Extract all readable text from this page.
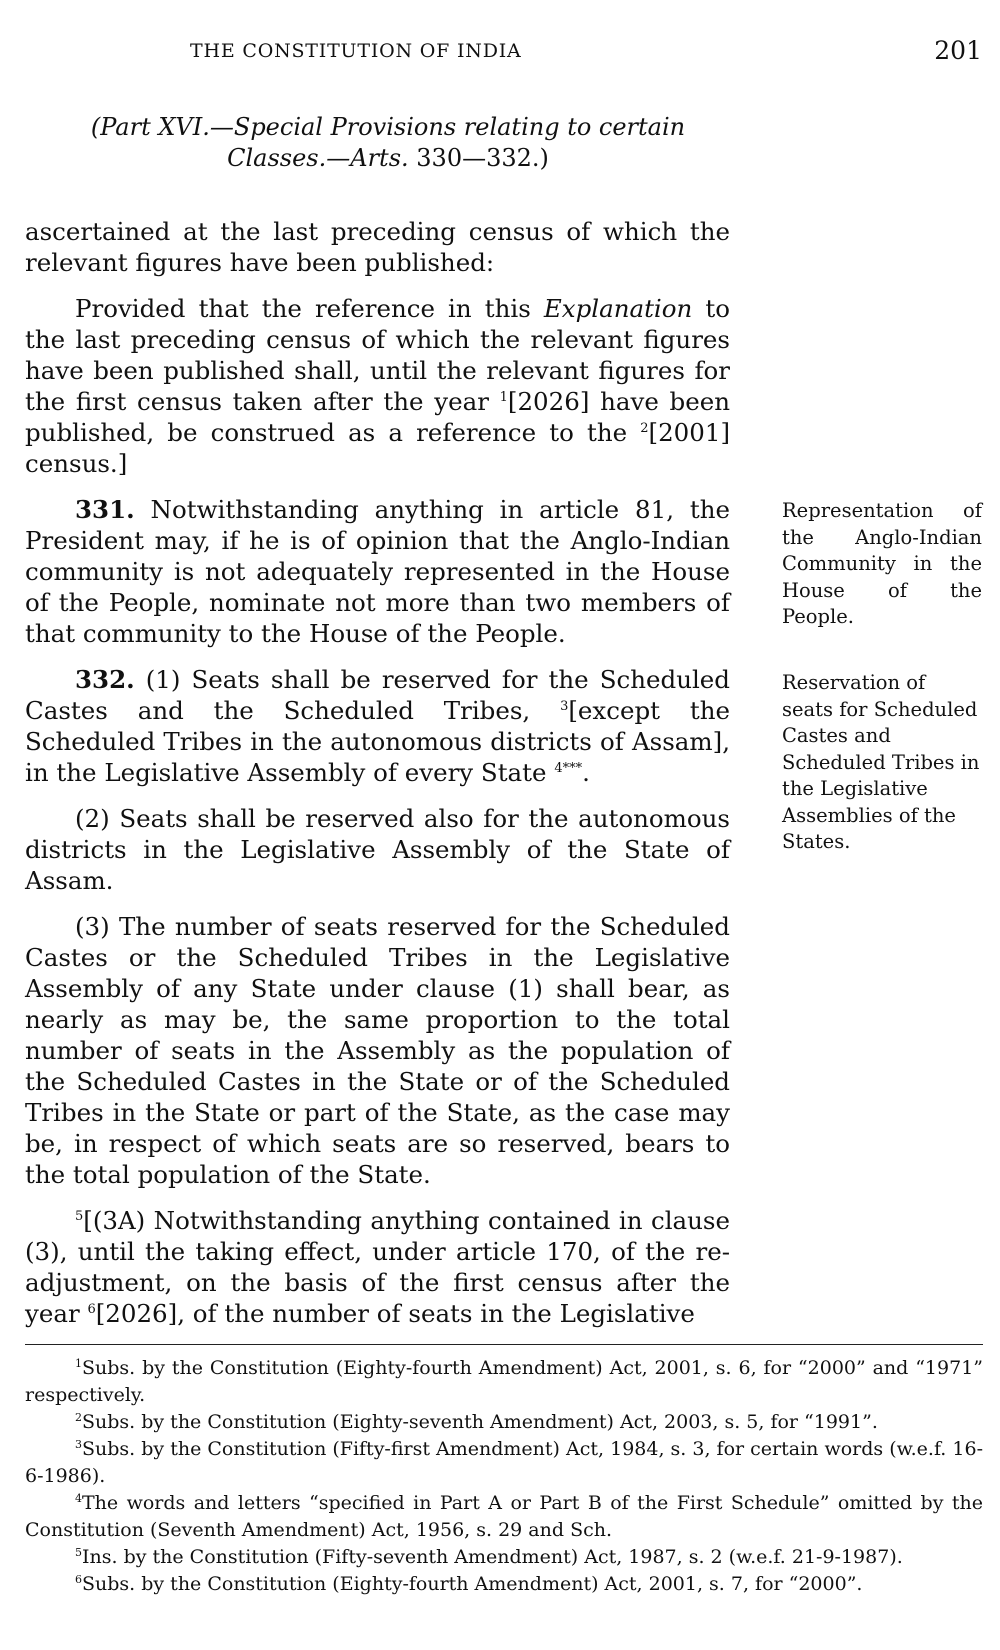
THE CONSTITUTION OF INDIA	201
(Part XVI.—Special Provisions relating to certain
Classes.—Arts. 330—332.)

ascertained at the last preceding census of which the relevant figures have been published:

Provided that the reference in this Explanation to the last preceding census of which the relevant figures have been published shall, until the relevant figures for the first census taken after the year $^1$[2026] have been published, be construed as a reference to the $^2$[2001] census.]

331. Notwithstanding anything in article 81, the President may, if he is of opinion that the Anglo-Indian community is not adequately represented in the House of the People, nominate not more than two members of that community to the House of the People.

332. (1) Seats shall be reserved for the Scheduled Castes and the Scheduled Tribes, $^3$[except the Scheduled Tribes in the autonomous districts of Assam], in the Legislative Assembly of every State $^{4***}$.

(2) Seats shall be reserved also for the autonomous districts in the Legislative Assembly of the State of Assam.

(3) The number of seats reserved for the Scheduled Castes or the Scheduled Tribes in the Legislative Assembly of any State under clause (1) shall bear, as nearly as may be, the same proportion to the total number of seats in the Assembly as the population of the Scheduled Castes in the State or of the Scheduled Tribes in the State or part of the State, as the case may be, in respect of which seats are so reserved, bears to the total population of the State.

$^5$[(3A) Notwithstanding anything contained in clause (3), until the taking effect, under article 170, of the re-adjustment, on the basis of the first census after the year $^6$[2026], of the number of seats in the Legislative

Representation of the Anglo-Indian Community in the House of the People.
Reservation of seats for Scheduled Castes and Scheduled Tribes in the Legislative Assemblies of the States.

$^1$Subs. by the Constitution (Eighty-fourth Amendment) Act, 2001, s. 6, for “2000” and “1971” respectively.

$^2$Subs. by the Constitution (Eighty-seventh Amendment) Act, 2003, s. 5, for “1991”.

$^3$Subs. by the Constitution (Fifty-first Amendment) Act, 1984, s. 3, for certain words (w.e.f. 16-6-1986).

$^4$The words and letters “specified in Part A or Part B of the First Schedule” omitted by the Constitution (Seventh Amendment) Act, 1956, s. 29 and Sch.

$^5$Ins. by the Constitution (Fifty-seventh Amendment) Act, 1987, s. 2 (w.e.f. 21-9-1987).

$^6$Subs. by the Constitution (Eighty-fourth Amendment) Act, 2001, s. 7, for “2000”.
